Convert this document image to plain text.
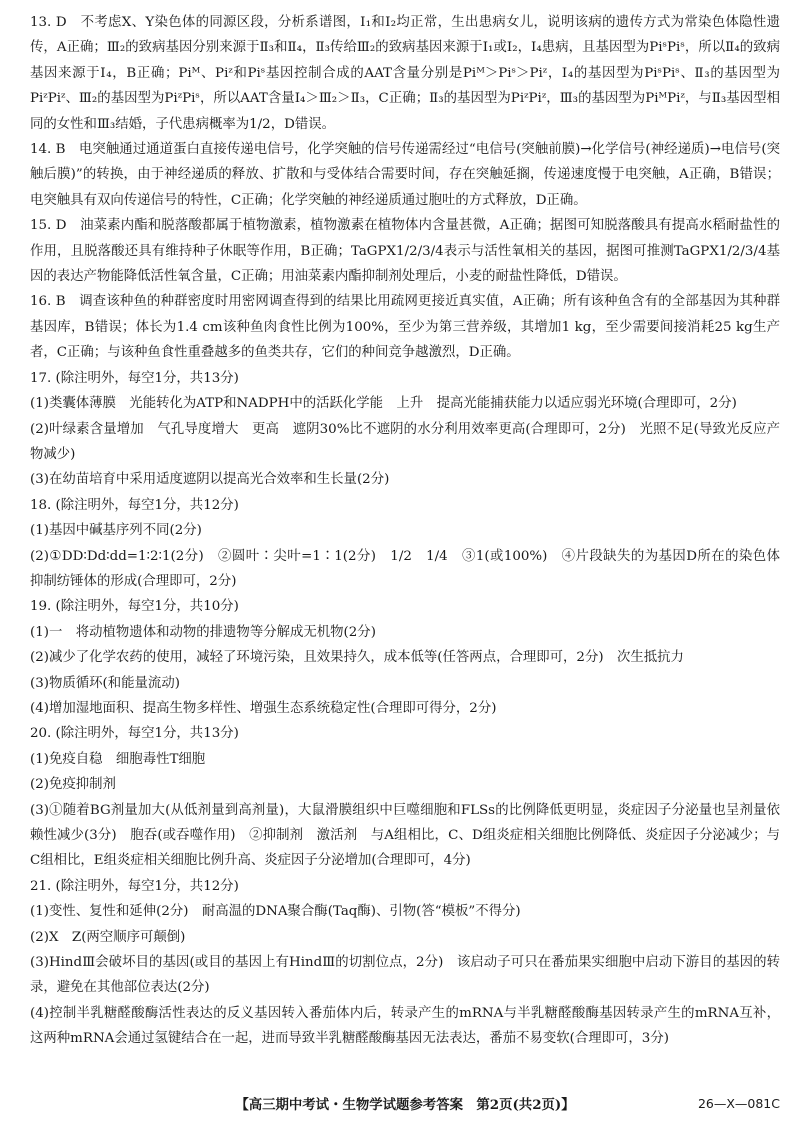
13. D　不考虑X、Y染色体的同源区段，分析系谱图，Ⅰ₁和Ⅰ₂均正常，生出患病女儿，说明该病的遗传方式为常染色体隐性遗传，A正确；Ⅲ₂的致病基因分别来源于Ⅱ₃和Ⅱ₄，Ⅱ₃传给Ⅲ₂的致病基因来源于Ⅰ₁或Ⅰ₂，Ⅰ₄患病，且基因型为PiˢPiˢ，所以Ⅱ₄的致病基因来源于Ⅰ₄，B正确；Piᴹ、Piᶻ和Piˢ基因控制合成的AAT含量分别是Piᴹ＞Piˢ＞Piᶻ，Ⅰ₄的基因型为PiˢPiˢ、Ⅱ₃的基因型为PiᶻPiᶻ、Ⅲ₂的基因型为PiᶻPiˢ，所以AAT含量Ⅰ₄＞Ⅲ₂＞Ⅱ₃，C正确；Ⅱ₃的基因型为PiᶻPiᶻ，Ⅲ₃的基因型为PiᴹPiᶻ，与Ⅱ₃基因型相同的女性和Ⅲ₃结婚，子代患病概率为1/2，D错误。

14. B　电突触通过通道蛋白直接传递电信号，化学突触的信号传递需经过“电信号(突触前膜)→化学信号(神经递质)→电信号(突触后膜)”的转换，由于神经递质的释放、扩散和与受体结合需要时间，存在突触延搁，传递速度慢于电突触，A正确，B错误；电突触具有双向传递信号的特性，C正确；化学突触的神经递质通过胞吐的方式释放，D正确。

15. D　油菜素内酯和脱落酸都属于植物激素，植物激素在植物体内含量甚微，A正确；据图可知脱落酸具有提高水稻耐盐性的作用，且脱落酸还具有维持种子休眠等作用，B正确；TaGPX1/2/3/4表示与活性氧相关的基因，据图可推测TaGPX1/2/3/4基因的表达产物能降低活性氧含量，C正确；用油菜素内酯抑制剂处理后，小麦的耐盐性降低，D错误。

16. B　调查该种鱼的种群密度时用密网调查得到的结果比用疏网更接近真实值，A正确；所有该种鱼含有的全部基因为其种群基因库，B错误；体长为1.4 cm该种鱼肉食性比例为100%，至少为第三营养级，其增加1 kg，至少需要间接消耗25 kg生产者，C正确；与该种鱼食性重叠越多的鱼类共存，它们的种间竞争越激烈，D正确。

17. (除注明外，每空1分，共13分)

(1)类囊体薄膜　光能转化为ATP和NADPH中的活跃化学能　上升　提高光能捕获能力以适应弱光环境(合理即可，2分)

(2)叶绿素含量增加　气孔导度增大　更高　遮阴30%比不遮阴的水分利用效率更高(合理即可，2分)　光照不足(导致光反应产物减少)

(3)在幼苗培育中采用适度遮阴以提高光合效率和生长量(2分)

18. (除注明外，每空1分，共12分)

(1)基因中碱基序列不同(2分)

(2)①DD∶Dd∶dd=1∶2∶1(2分)　②圆叶∶尖叶=1∶1(2分)　1/2　1/4　③1(或100%)　④片段缺失的为基因D所在的染色体　抑制纺锤体的形成(合理即可，2分)

19. (除注明外，每空1分，共10分)

(1)一　将动植物遗体和动物的排遗物等分解成无机物(2分)

(2)减少了化学农药的使用，减轻了环境污染，且效果持久，成本低等(任答两点，合理即可，2分)　次生抵抗力

(3)物质循环(和能量流动)

(4)增加湿地面积、提高生物多样性、增强生态系统稳定性(合理即可得分，2分)

20. (除注明外，每空1分，共13分)

(1)免疫自稳　细胞毒性T细胞

(2)免疫抑制剂

(3)①随着BG剂量加大(从低剂量到高剂量)，大鼠滑膜组织中巨噬细胞和FLSs的比例降低更明显，炎症因子分泌量也呈剂量依赖性减少(3分)　胞吞(或吞噬作用)　②抑制剂　激活剂　与A组相比，C、D组炎症相关细胞比例降低、炎症因子分泌减少；与C组相比，E组炎症相关细胞比例升高、炎症因子分泌增加(合理即可，4分)

21. (除注明外，每空1分，共12分)

(1)变性、复性和延伸(2分)　耐高温的DNA聚合酶(Taq酶)、引物(答“模板”不得分)

(2)X　Z(两空顺序可颠倒)

(3)HindⅢ会破坏目的基因(或目的基因上有HindⅢ的切割位点，2分)　该启动子可只在番茄果实细胞中启动下游目的基因的转录，避免在其他部位表达(2分)

(4)控制半乳糖醛酸酶活性表达的反义基因转入番茄体内后，转录产生的mRNA与半乳糖醛酸酶基因转录产生的mRNA互补，这两种mRNA会通过氢键结合在一起，进而导致半乳糖醛酸酶基因无法表达，番茄不易变软(合理即可，3分)

【高三期中考试・生物学试题参考答案　第2页(共2页)】	26—X—081C
